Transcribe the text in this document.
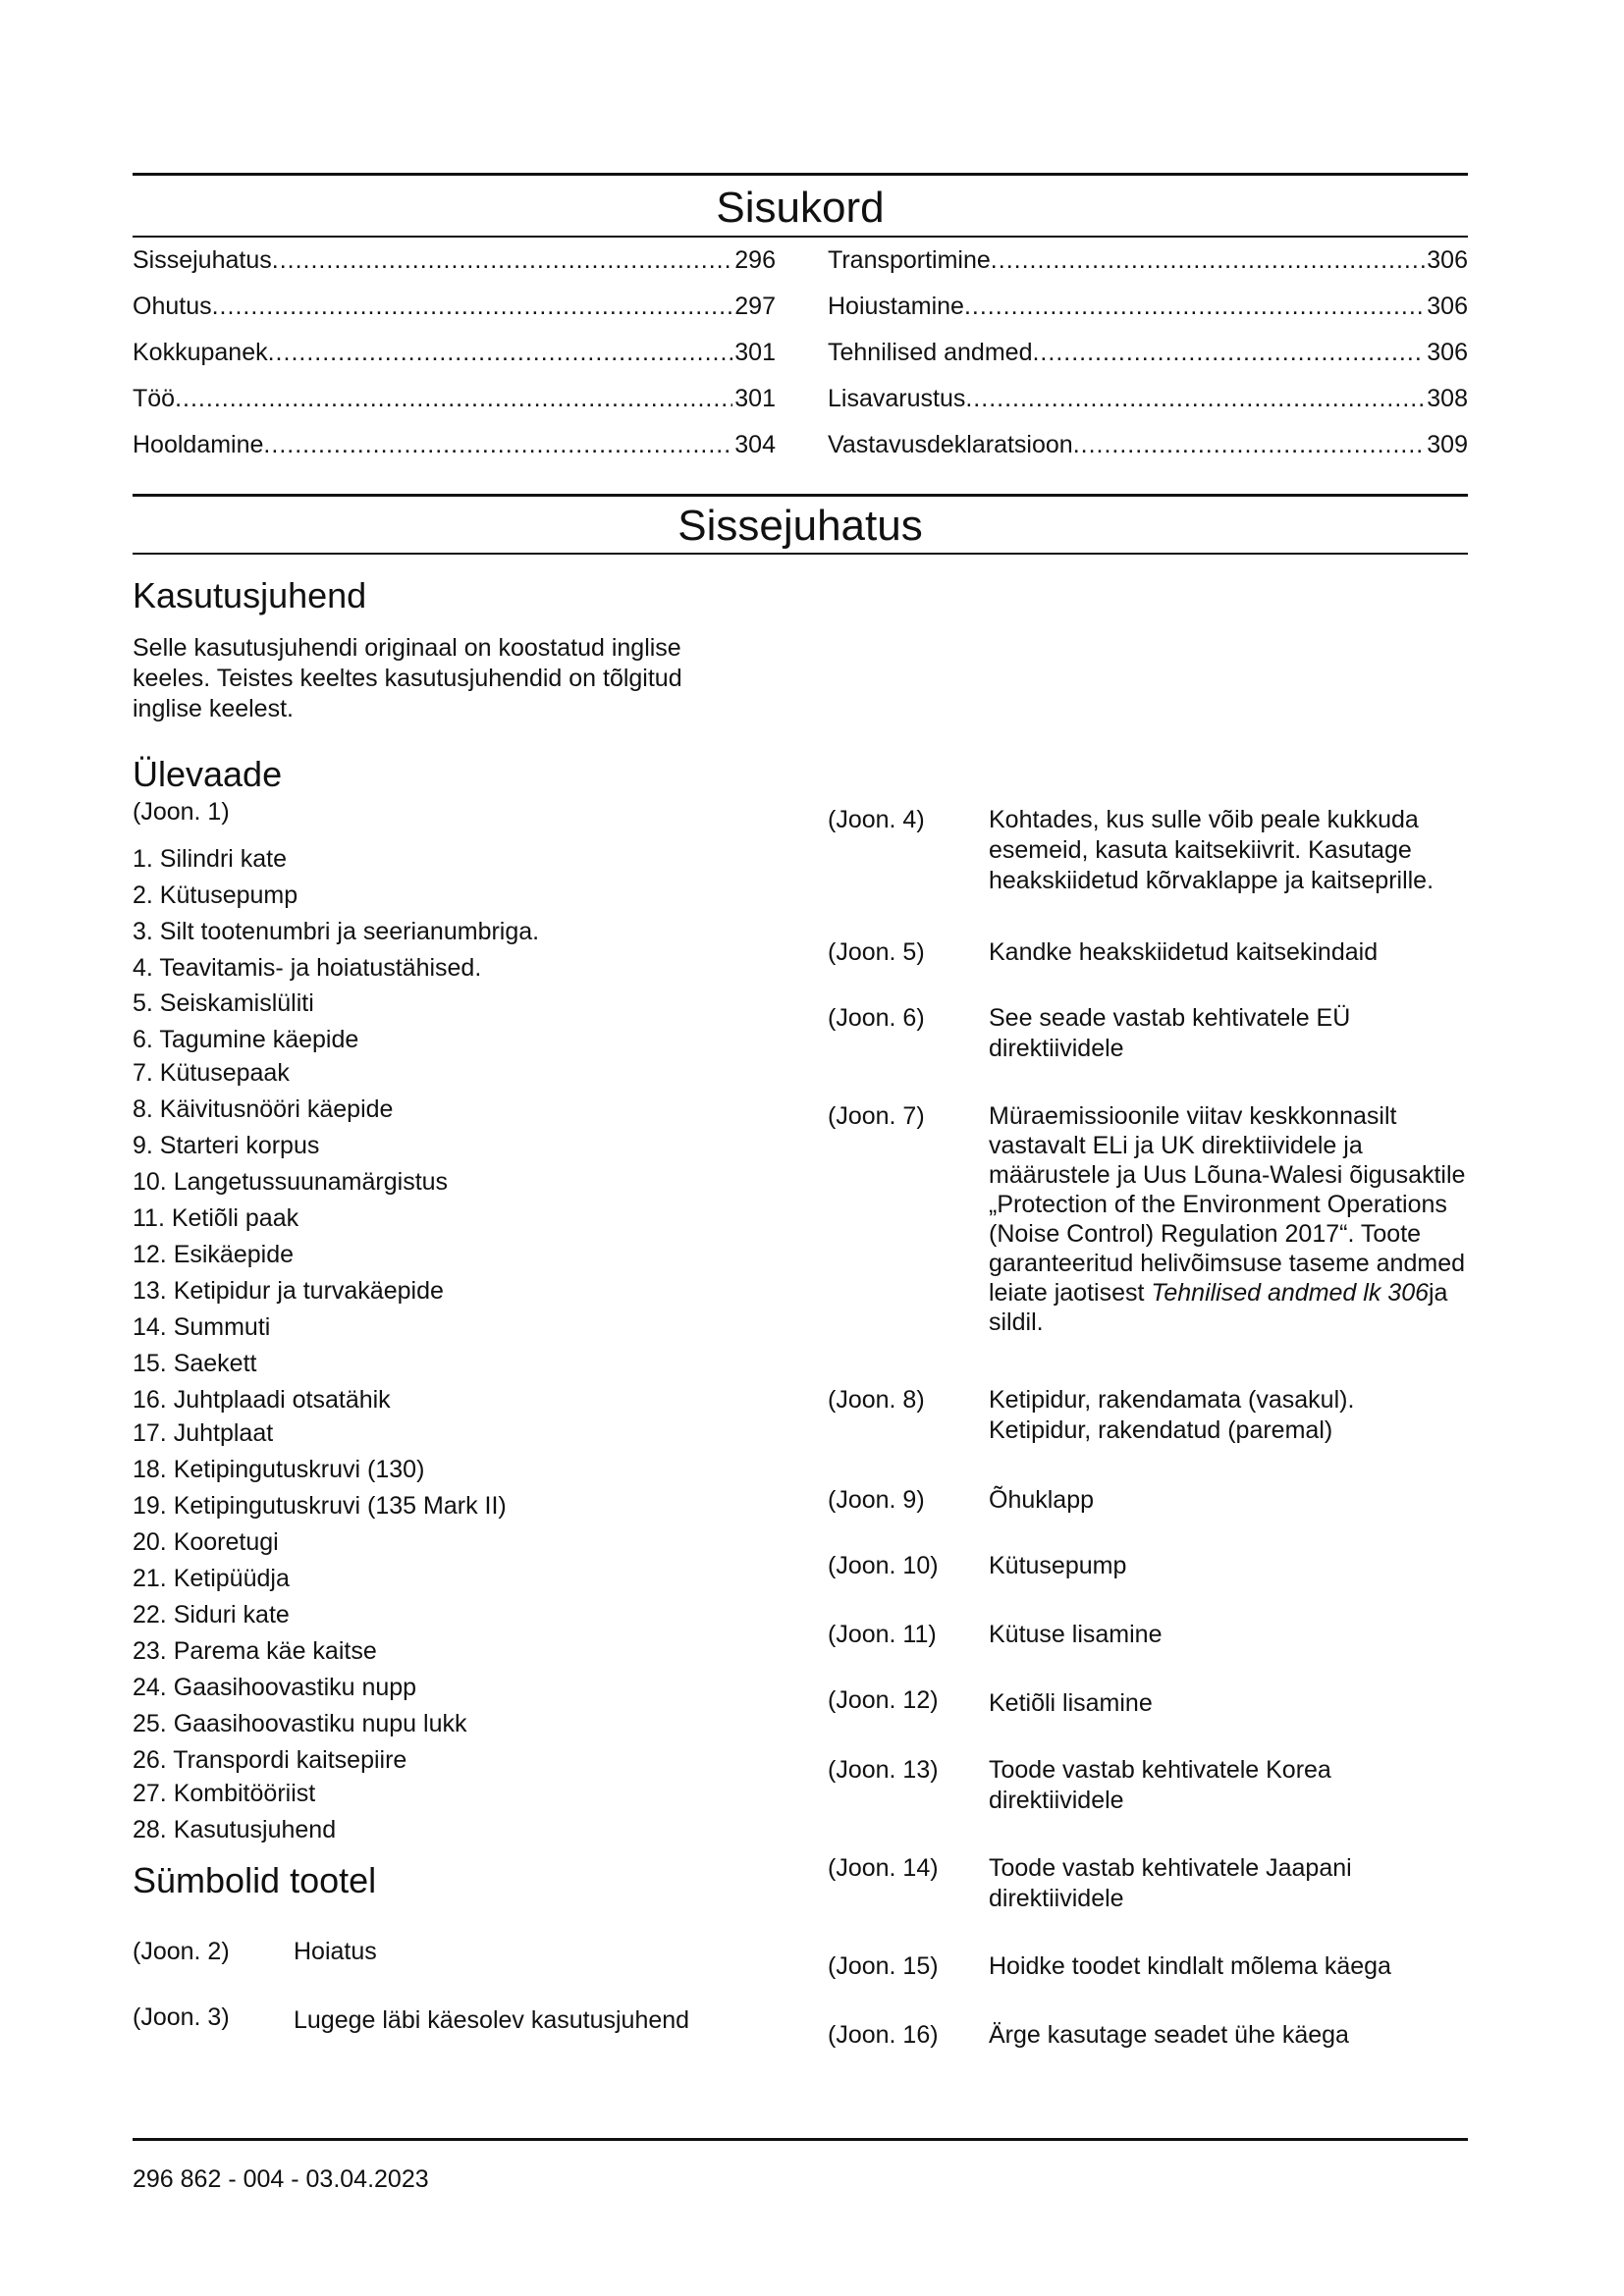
Sisukord
Sissejuhatus .....	296
Ohutus .....	297
Kokkupanek .....	301
Töö .....	301
Hooldamine .....	304
Transportimine .....	306
Hoiustamine .....	306
Tehnilised andmed .....	306
Lisavarustus .....	308
Vastavusdeklaratsioon .....	309
Sissejuhatus
Kasutusjuhend
Selle kasutusjuhendi originaal on koostatud inglise keeles. Teistes keeltes kasutusjuhendid on tõlgitud inglise keelest.
Ülevaade
(Joon. 1)
1. Silindri kate
2. Kütusepump
3. Silt tootenumbri ja seerianumbriga.
4. Teavitamis- ja hoiatustähised.
5. Seiskamislüliti
6. Tagumine käepide
7. Kütusepaak
8. Käivitusnööri käepide
9. Starteri korpus
10. Langetussuunamärgistus
11. Ketiõli paak
12. Esikäepide
13. Ketipidur ja turvakäepide
14. Summuti
15. Saekett
16. Juhtplaadi otsatähik
17. Juhtplaat
18. Ketipingutuskruvi (130)
19. Ketipingutuskruvi (135 Mark II)
20. Kooretugi
21. Ketipüüdja
22. Siduri kate
23. Parema käe kaitse
24. Gaasihoovastiku nupp
25. Gaasihoovastiku nupu lukk
26. Transpordi kaitsepiire
27. Kombitööriist
28. Kasutusjuhend
Sümbolid tootel
(Joon. 2)	Hoiatus
(Joon. 3)	Lugege läbi käesolev kasutusjuhend
(Joon. 4)	Kohtades, kus sulle võib peale kukkuda esemeid, kasuta kaitsekiivrit. Kasutage heakskiidetud kõrvaklappe ja kaitseprille.
(Joon. 5)	Kandke heakskiidetud kaitsekindaid
(Joon. 6)	See seade vastab kehtivatele EÜ direktiividele
(Joon. 7)	Müraemissioonile viitav keskkonnasilt vastavalt ELi ja UK direktiividele ja määrustele ja Uus Lõuna-Walesi õigusaktile „Protection of the Environment Operations (Noise Control) Regulation 2017“. Toote garanteeritud helivõimsuse taseme andmed leiate jaotisest Tehnilised andmed lk 306ja sildil.
(Joon. 8)	Ketipidur, rakendamata (vasakul). Ketipidur, rakendatud (paremal)
(Joon. 9)	Õhuklapp
(Joon. 10) Kütusepump
(Joon. 11) Kütuse lisamine
(Joon. 12) Ketiõli lisamine
(Joon. 13) Toode vastab kehtivatele Korea direktiividele
(Joon. 14) Toode vastab kehtivatele Jaapani direktiividele
(Joon. 15) Hoidke toodet kindlalt mõlema käega
(Joon. 16) Ärge kasutage seadet ühe käega
296 862 - 004 - 03.04.2023
